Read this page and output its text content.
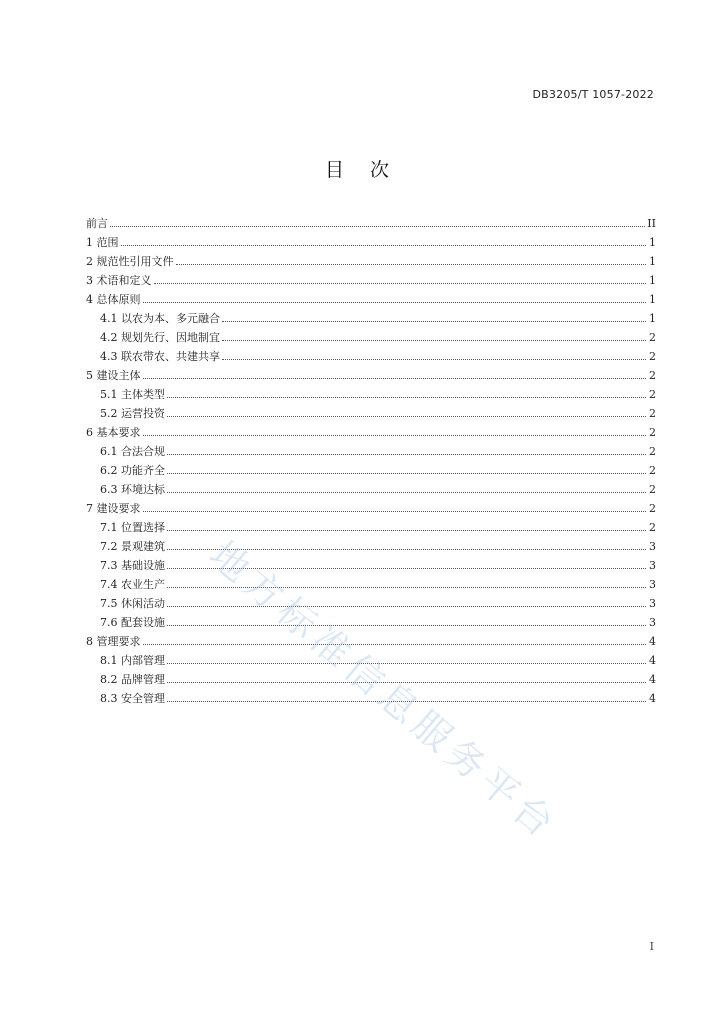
DB3205/T 1057-2022
目 次
前言	II
1 范围	1
2 规范性引用文件	1
3 术语和定义	1
4 总体原则	1
4.1 以农为本、多元融合	1
4.2 规划先行、因地制宜	2
4.3 联农带农、共建共享	2
5 建设主体	2
5.1 主体类型	2
5.2 运营投资	2
6 基本要求	2
6.1 合法合规	2
6.2 功能齐全	2
6.3 环境达标	2
7 建设要求	2
7.1 位置选择	2
7.2 景观建筑	3
7.3 基础设施	3
7.4 农业生产	3
7.5 休闲活动	3
7.6 配套设施	3
8 管理要求	4
8.1 内部管理	4
8.2 品牌管理	4
8.3 安全管理	4
地方标准信息服务平台
I
